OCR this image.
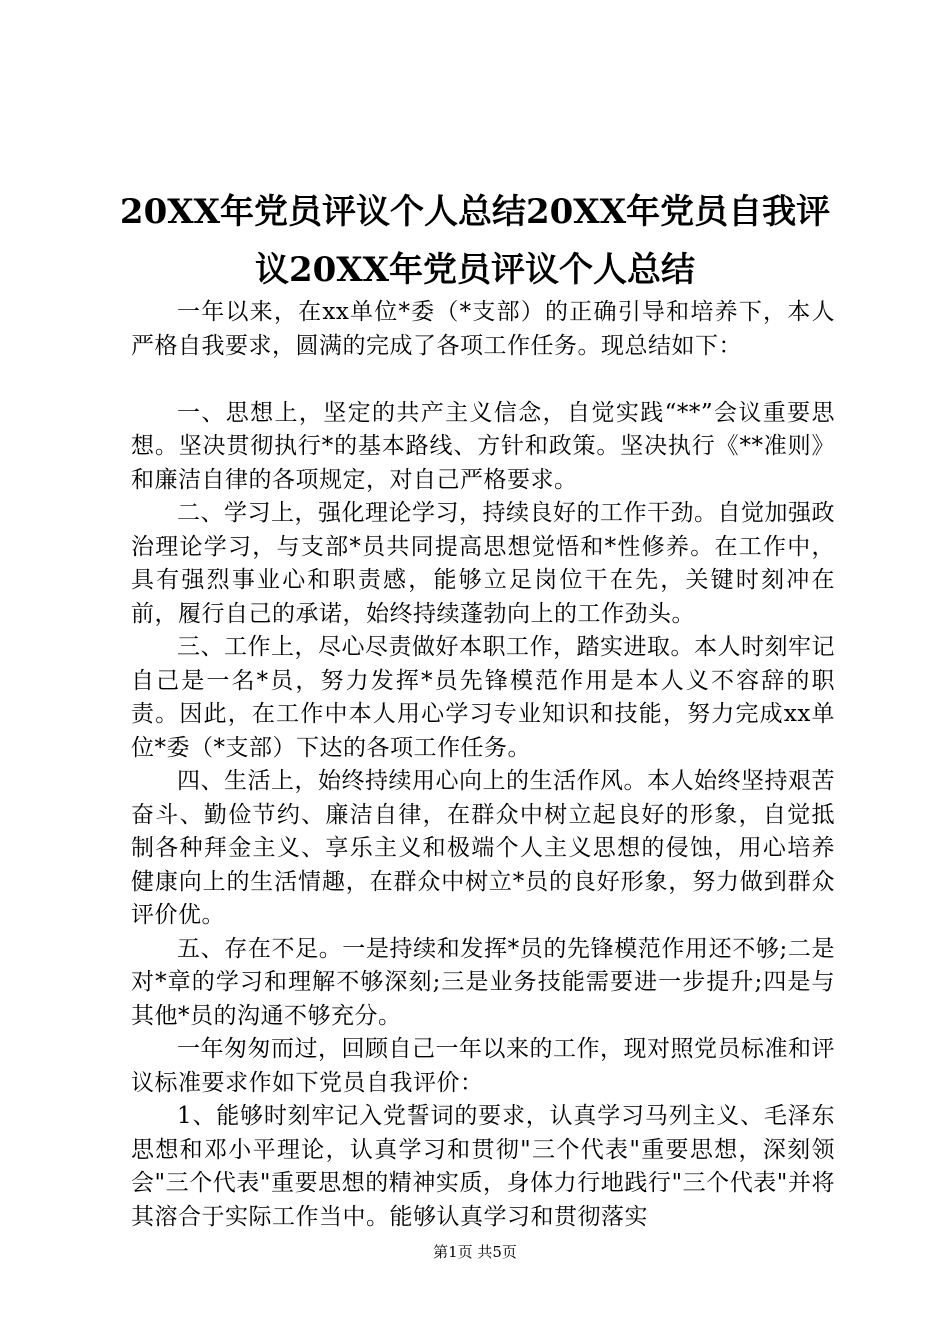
20XX年党员评议个人总结20XX年党员自我评
议20XX年党员评议个人总结

一年以来，在xx单位*委（*支部）的正确引导和培养下，本人严格自我要求，圆满的完成了各项工作任务。现总结如下：

一、思想上，坚定的共产主义信念，自觉实践“**”会议重要思想。坚决贯彻执行*的基本路线、方针和政策。坚决执行《**准则》和廉洁自律的各项规定，对自己严格要求。

二、学习上，强化理论学习，持续良好的工作干劲。自觉加强政治理论学习，与支部*员共同提高思想觉悟和*性修养。在工作中，具有强烈事业心和职责感，能够立足岗位干在先，关键时刻冲在前，履行自己的承诺，始终持续蓬勃向上的工作劲头。

三、工作上，尽心尽责做好本职工作，踏实进取。本人时刻牢记自己是一名*员，努力发挥*员先锋模范作用是本人义不容辞的职责。因此，在工作中本人用心学习专业知识和技能，努力完成xx单位*委（*支部）下达的各项工作任务。

四、生活上，始终持续用心向上的生活作风。本人始终坚持艰苦奋斗、勤俭节约、廉洁自律，在群众中树立起良好的形象，自觉抵制各种拜金主义、享乐主义和极端个人主义思想的侵蚀，用心培养健康向上的生活情趣，在群众中树立*员的良好形象，努力做到群众评价优。

五、存在不足。一是持续和发挥*员的先锋模范作用还不够;二是对*章的学习和理解不够深刻;三是业务技能需要进一步提升;四是与其他*员的沟通不够充分。

一年匆匆而过，回顾自己一年以来的工作，现对照党员标准和评议标准要求作如下党员自我评价：

1、能够时刻牢记入党誓词的要求，认真学习马列主义、毛泽东思想和邓小平理论，认真学习和贯彻"三个代表"重要思想，深刻领会"三个代表"重要思想的精神实质，身体力行地践行"三个代表"并将其溶合于实际工作当中。能够认真学习和贯彻落实

第1页 共5页
